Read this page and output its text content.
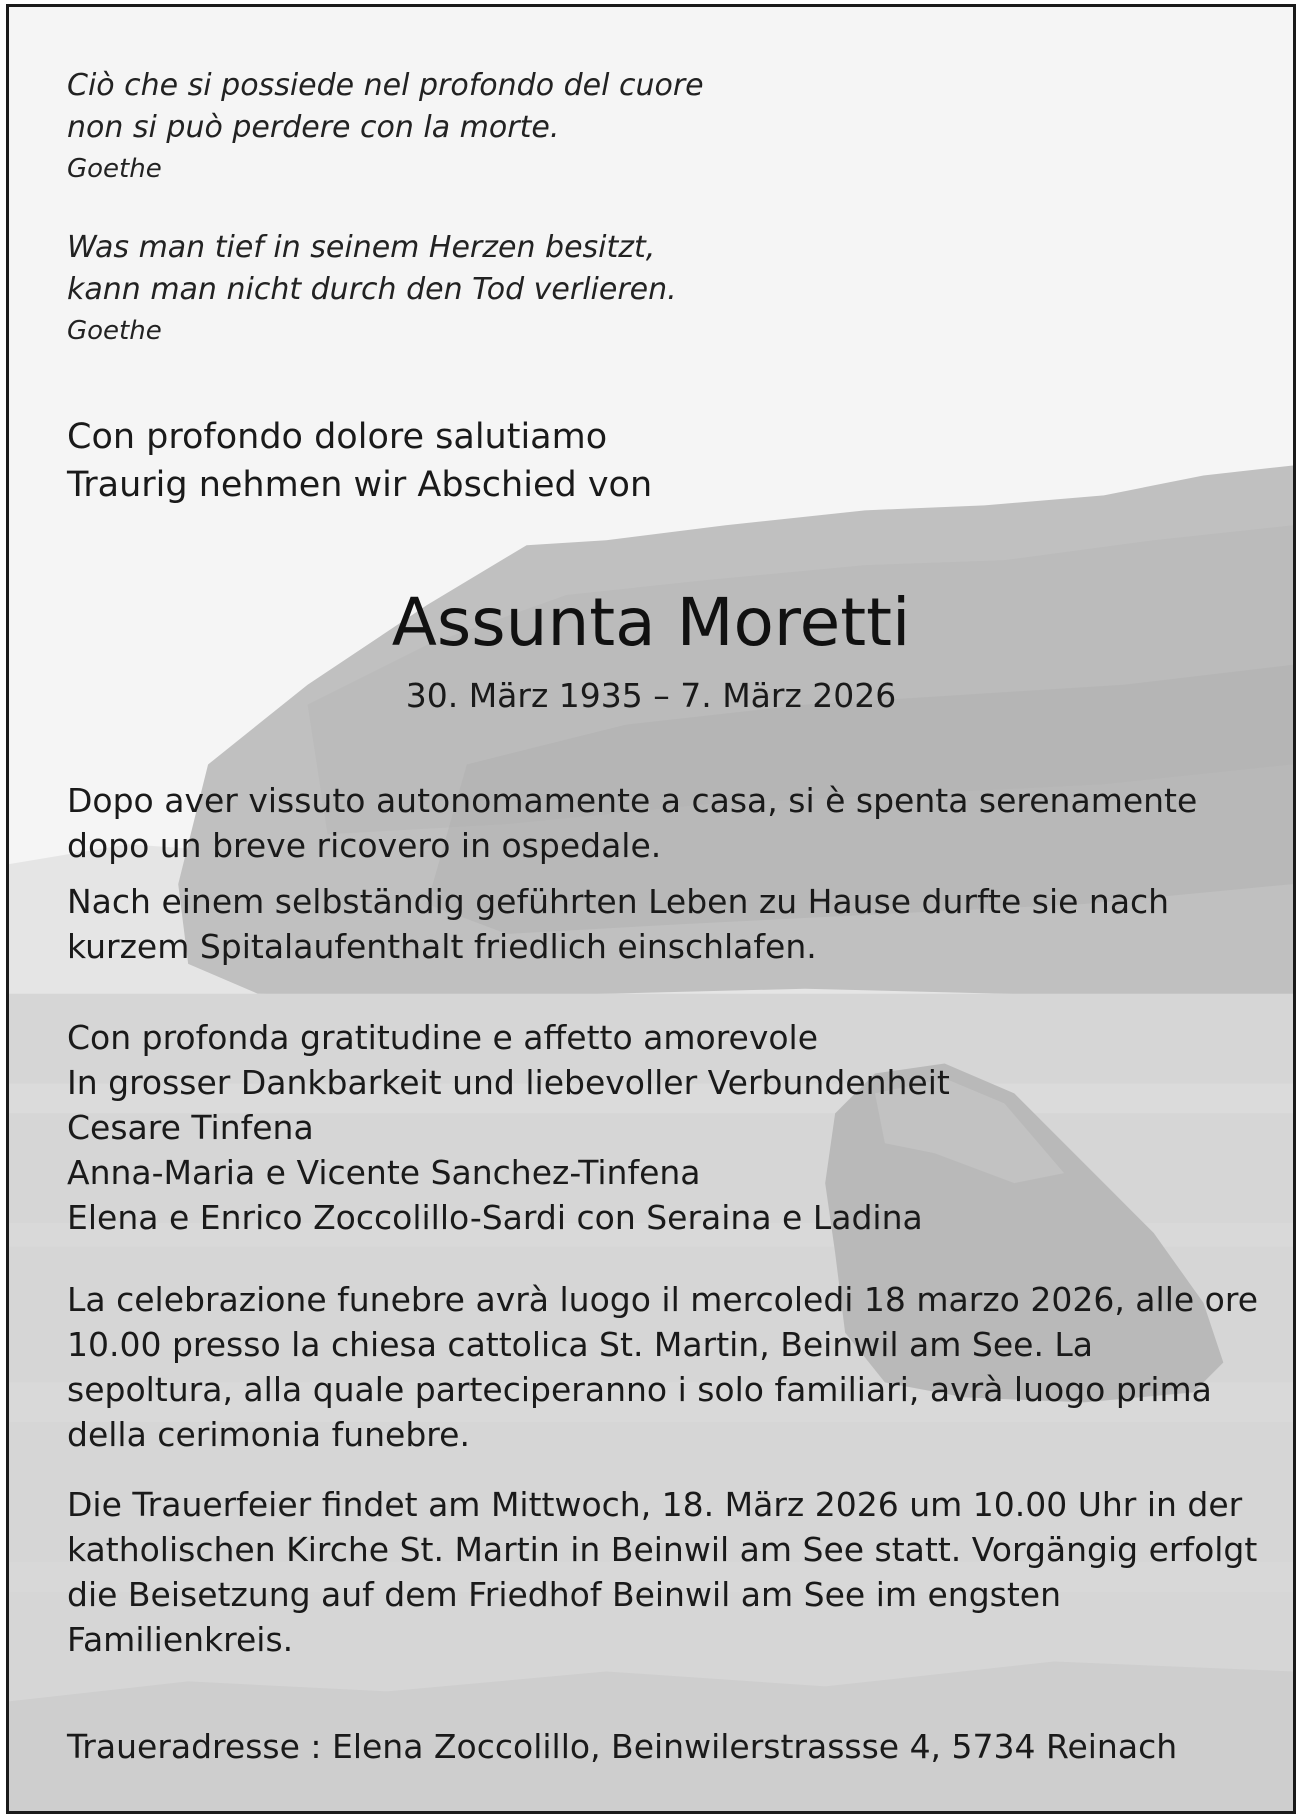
Ciò che si possiede nel profondo del cuore
non si può perdere con la morte.
Goethe
Was man tief in seinem Herzen besitzt,
kann man nicht durch den Tod verlieren.
Goethe
Con profondo dolore salutiamo
Traurig nehmen wir Abschied von
Assunta Moretti
30. März 1935 – 7. März 2026

Dopo aver vissuto autonomamente a casa, si è spenta serenamente dopo un breve ricovero in ospedale.

Nach einem selbständig geführten Leben zu Hause durfte sie nach kurzem Spitalaufenthalt friedlich einschlafen.

Con profonda gratitudine e affetto amorevole
In grosser Dankbarkeit und liebevoller Verbundenheit
Cesare Tinfena
Anna-Maria e Vicente Sanchez-Tinfena
Elena e Enrico Zoccolillo-Sardi con Seraina e Ladina

La celebrazione funebre avrà luogo il mercoledi 18 marzo 2026, alle ore 10.00 presso la chiesa cattolica St. Martin, Beinwil am See. La sepoltura, alla quale parteciperanno i solo familiari, avrà luogo prima della cerimonia funebre.

Die Trauerfeier findet am Mittwoch, 18. März 2026 um 10.00 Uhr in der katholischen Kirche St. Martin in Beinwil am See statt. Vorgängig erfolgt die Beisetzung auf dem Friedhof Beinwil am See im engsten Familienkreis.

Traueradresse : Elena Zoccolillo, Beinwilerstrassse 4, 5734 Reinach
